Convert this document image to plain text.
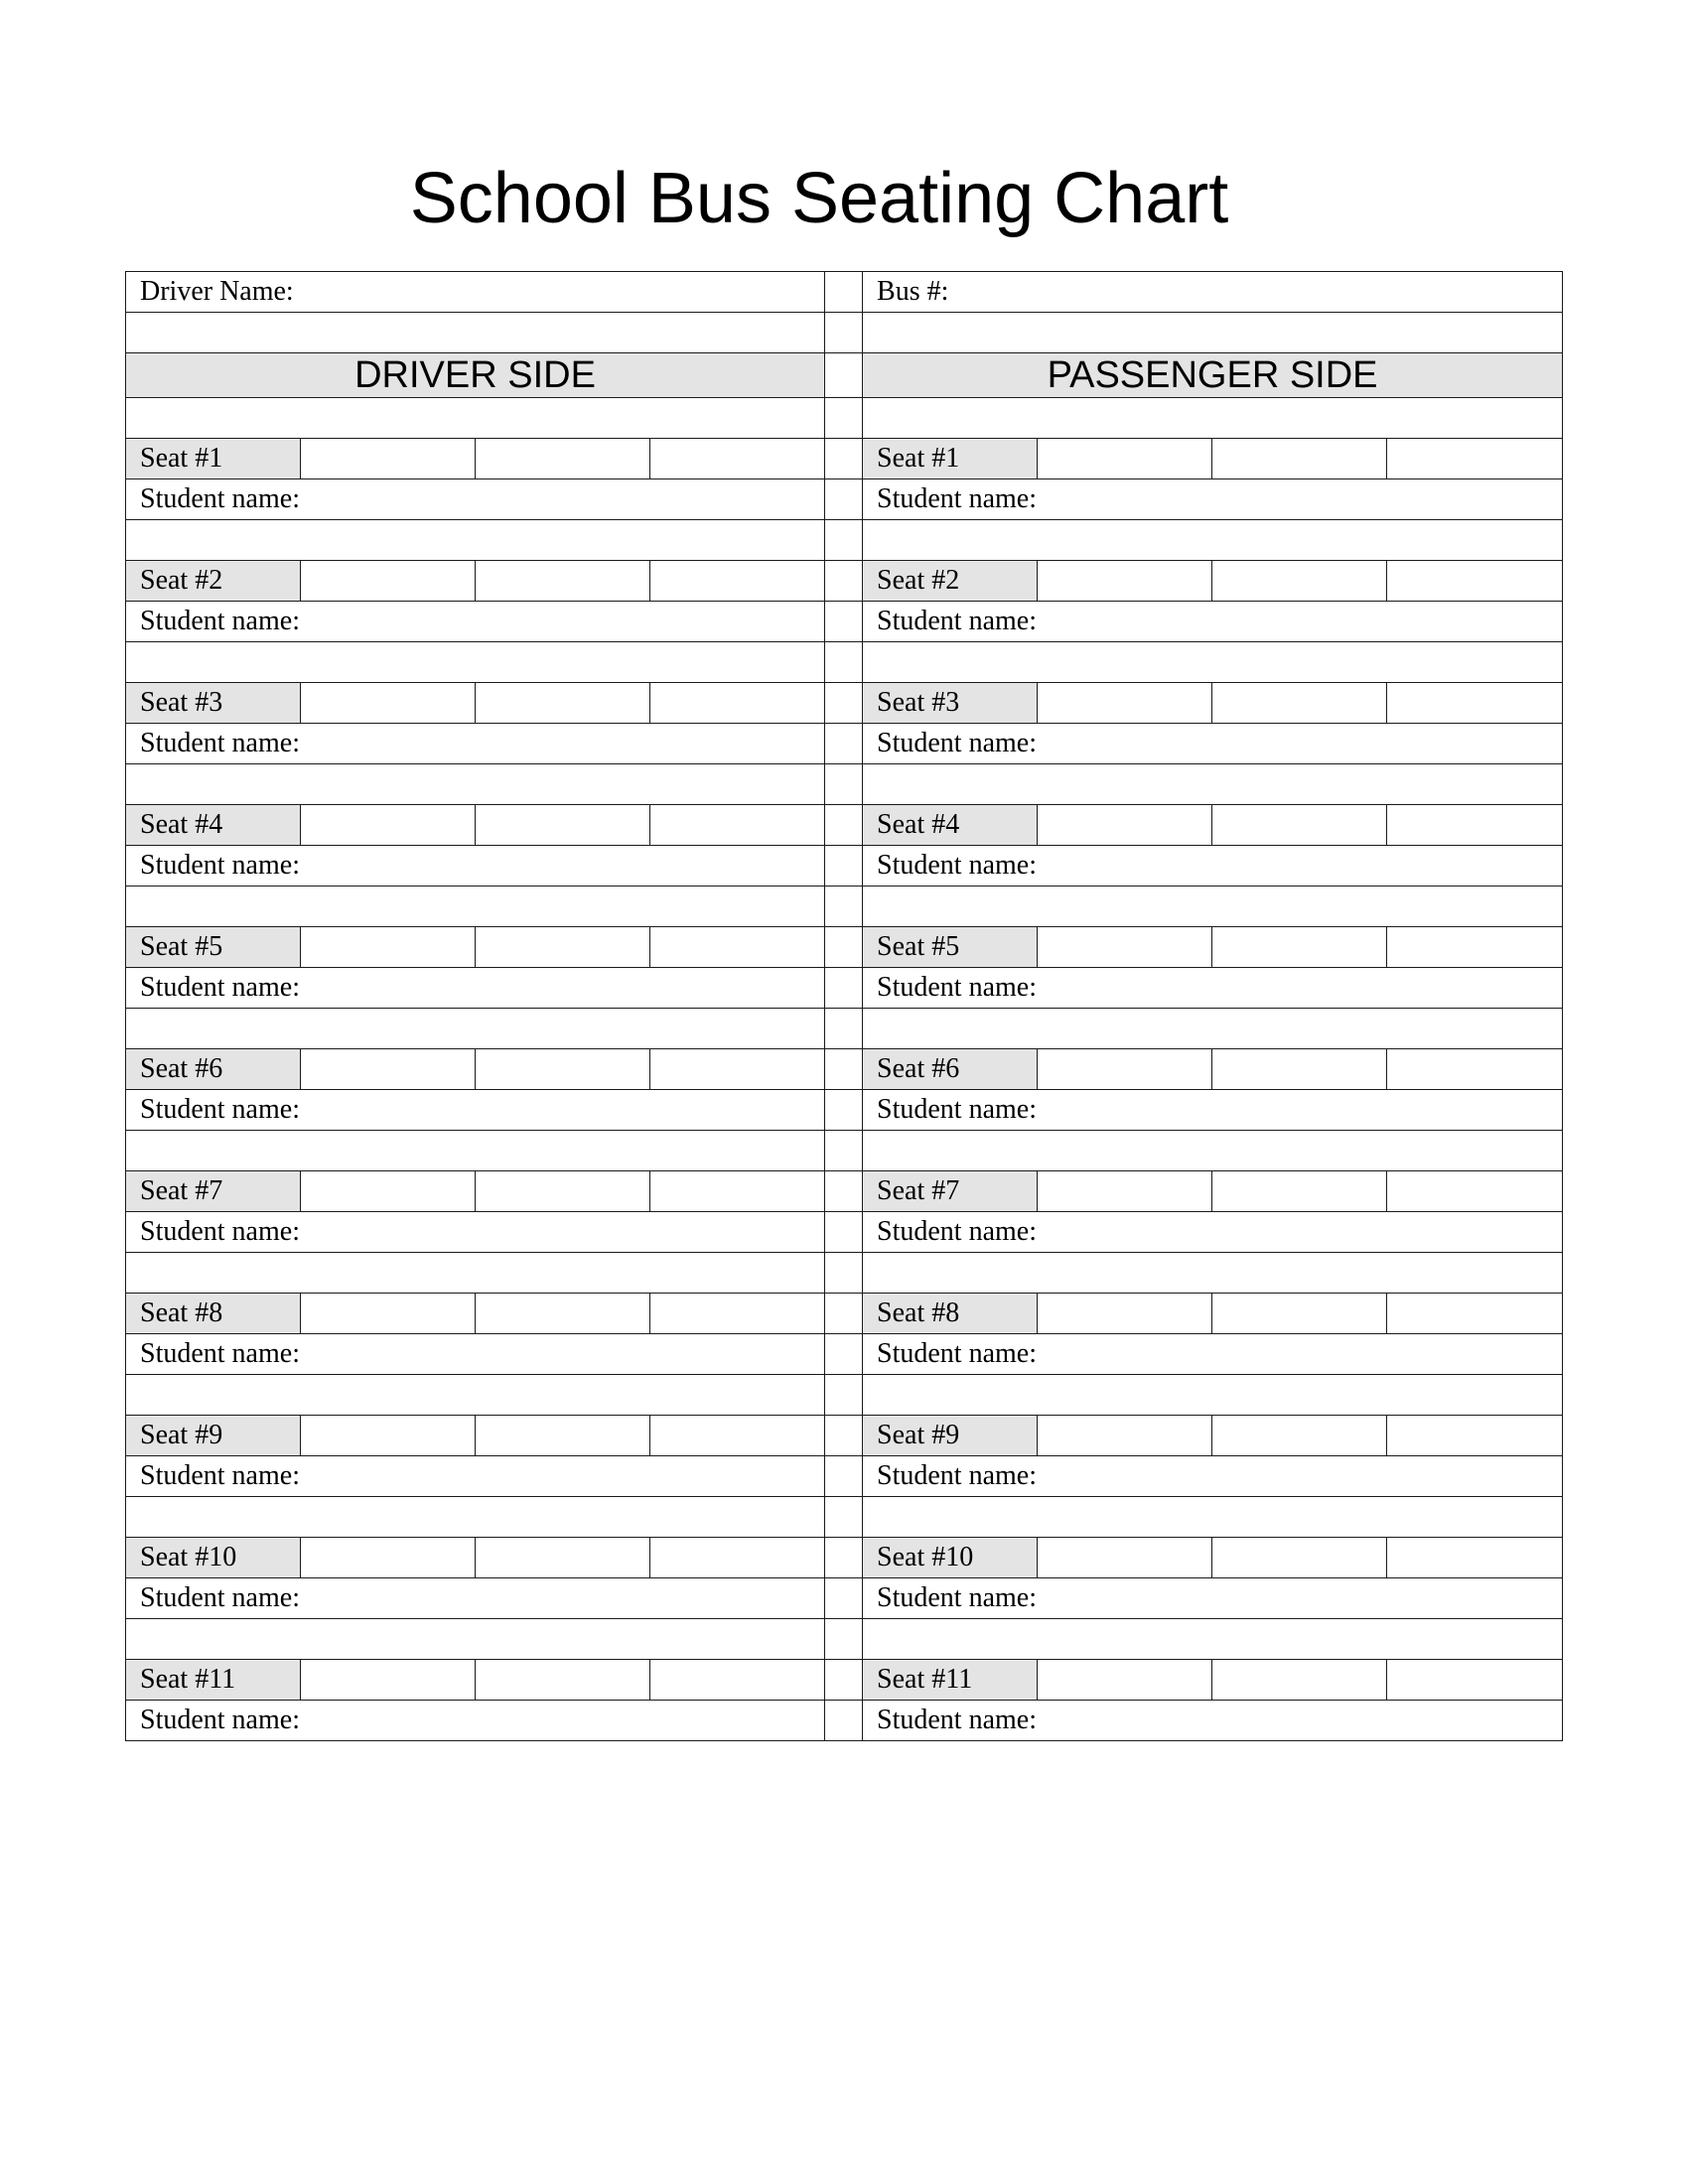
School Bus Seating Chart
Driver Name:					Bus #:			

DRIVER SIDE					PASSENGER SIDE			

Seat #1					Seat #1			
Student name:					Student name:			

Seat #2					Seat #2			
Student name:					Student name:			

Seat #3					Seat #3			
Student name:					Student name:			

Seat #4					Seat #4			
Student name:					Student name:			

Seat #5					Seat #5			
Student name:					Student name:			

Seat #6					Seat #6			
Student name:					Student name:			

Seat #7					Seat #7			
Student name:					Student name:			

Seat #8					Seat #8			
Student name:					Student name:			

Seat #9					Seat #9			
Student name:					Student name:			

Seat #10					Seat #10			
Student name:					Student name:			

Seat #11					Seat #11			
Student name:					Student name:			
